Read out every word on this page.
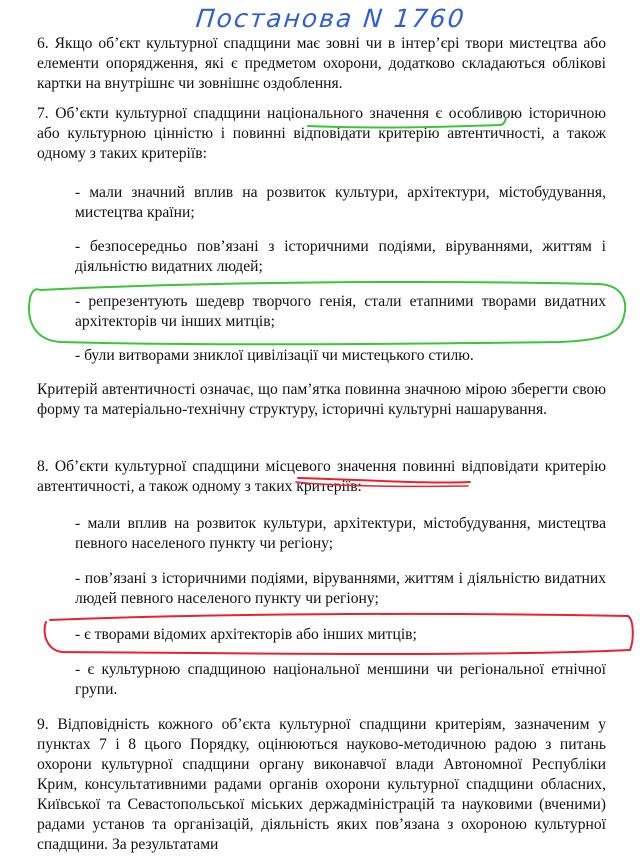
Постанова N 1760

6. Якщо об’єкт культурної спадщини має зовні чи в інтер’єрі твори мистецтва або елементи опорядження, які є предметом охорони, додатково складаються облікові картки на внутрішнє чи зовнішнє оздоблення.

7. Об’єкти культурної спадщини національного значення є особливою історичною або культурною цінністю і повинні відповідати критерію автентичності, а також одному з таких критеріїв:

- мали значний вплив на розвиток культури, архітектури, містобудування, мистецтва країни;

- безпосередньо пов’язані з історичними подіями, віруваннями, життям і діяльністю видатних людей;

- репрезентують шедевр творчого генія, стали етапними творами видатних архітекторів чи інших митців;

- були витворами зниклої цивілізації чи мистецького стилю.

Критерій автентичності означає, що пам’ятка повинна значною мірою зберегти свою форму та матеріально-технічну структуру, історичні культурні нашарування.

8. Об’єкти культурної спадщини місцевого значення повинні відповідати критерію автентичності, а також одному з таких критеріїв:

- мали вплив на розвиток культури, архітектури, містобудування, мистецтва певного населеного пункту чи регіону;

- пов’язані з історичними подіями, віруваннями, життям і діяльністю видатних людей певного населеного пункту чи регіону;

- є творами відомих архітекторів або інших митців;

- є культурною спадщиною національної меншини чи регіональної етнічної групи.

9. Відповідність кожного об’єкта культурної спадщини критеріям, зазначеним у пунктах 7 і 8 цього Порядку, оцінюються науково-методичною радою з питань охорони культурної спадщини органу виконавчої влади Автономної Республіки Крим, консультативними радами органів охорони культурної спадщини обласних, Київської та Севастопольської міських держадміністрацій та науковими (вченими) радами установ та організацій, діяльність яких пов’язана з охороною культурної спадщини. За результатами
